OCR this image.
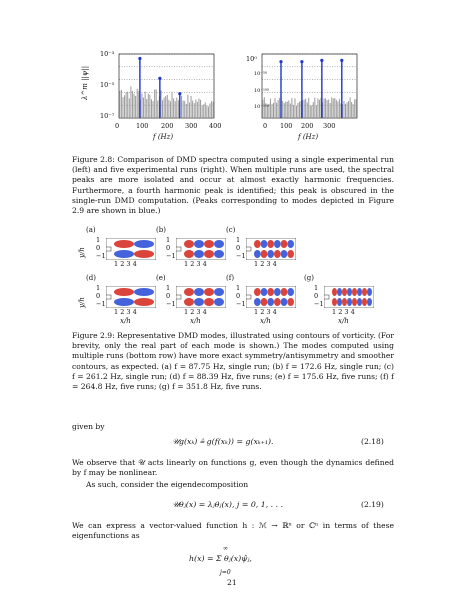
λ^m ||ψ||
f (Hz)	f (Hz)
10⁻³
10⁻⁵
10⁻⁷
0	100 200 300 400
10⁰
10⁻⁵⁰
10⁻¹⁰⁰
10⁻¹⁵⁰
0 100 200 300
Figure 2.8: Comparison of DMD spectra computed using a single experimental run (left) and five experimental runs (right). When multiple runs are used, the spectral peaks are more isolated and occur at almost exactly harmonic frequencies. Furthermore, a fourth harmonic peak is identified; this peak is obscured in the single-run DMD computation. (Peaks corresponding to modes depicted in Figure 2.9 are shown in blue.)
(a)
1
0
−1
1 2 3 4
(b)
1
0
−1
1 2 3 4
(c)
1
0
−1
1 2 3 4
(d)
1
0
−1
1 2 3 4
(e)
1
0
−1
1 2 3 4
(f)
1
0
−1
1 2 3 4
(g)
1
0
−1
1 2 3 4
y/h
y/h
x/h	x/h	x/h	x/h
Figure 2.9: Representative DMD modes, illustrated using contours of vorticity. (For brevity, only the real part of each mode is shown.) The modes computed using multiple runs (bottom row) have more exact symmetry/antisymmetry and smoother contours, as expected. (a) f = 87.75 Hz, single run; (b) f = 172.6 Hz, single run; (c) f = 261.2 Hz, single run; (d) f = 88.39 Hz, five runs; (e) f = 175.6 Hz, five runs; (f) f = 264.8 Hz, five runs; (g) f = 351.8 Hz, five runs.
given by
𝒰g(xₖ) ≜ g(f(xₖ)) = g(xₖ₊₁).	(2.18)
We observe that 𝒰 acts linearly on functions g, even though the dynamics defined by f may be nonlinear.
As such, consider the eigendecomposition
𝒰θⱼ(x) = λⱼθⱼ(x), j = 0, 1, . . .	(2.19)
We can express a vector-valued function h : ℳ → ℝⁿ or ℂⁿ in terms of these eigenfunctions as
∞
h(x) = Σ θⱼ(x)ψ̂ⱼ,
j=0
21
